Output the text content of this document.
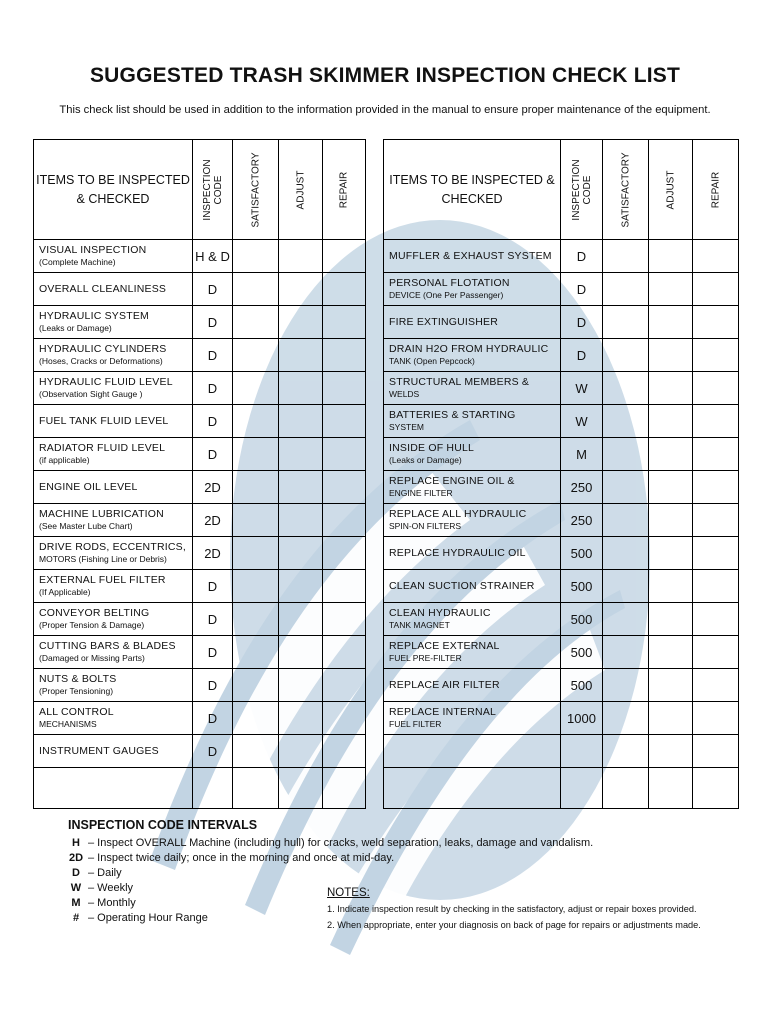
SUGGESTED TRASH SKIMMER INSPECTION CHECK LIST
This check list should be used in addition to the information provided in the manual to ensure proper maintenance of the equipment.
ITEMS TO BE INSPECTED & CHECKED	INSPECTION CODE	SATISFACTORY	ADJUST	REPAIR

VISUAL INSPECTION
(Complete Machine)	H & D			

OVERALL CLEANLINESS	D			

HYDRAULIC SYSTEM
(Leaks or Damage)	D			

HYDRAULIC CYLINDERS
(Hoses, Cracks or Deformations)	D			

HYDRAULIC FLUID LEVEL
(Observation Sight Gauge )	D			

FUEL TANK FLUID LEVEL	D			

RADIATOR FLUID LEVEL
(if applicable)	D			

ENGINE OIL LEVEL	2D			

MACHINE LUBRICATION
(See Master Lube Chart)	2D			

DRIVE RODS, ECCENTRICS,
MOTORS (Fishing Line or Debris)	2D			

EXTERNAL FUEL FILTER
(If Applicable)	D			

CONVEYOR BELTING
(Proper Tension & Damage)	D			

CUTTING BARS & BLADES
(Damaged or Missing Parts)	D			

NUTS & BOLTS
(Proper Tensioning)	D			

ALL CONTROL
MECHANISMS	D			

INSTRUMENT GAUGES	D			

ITEMS TO BE INSPECTED & CHECKED	INSPECTION CODE	SATISFACTORY	ADJUST	REPAIR

MUFFLER & EXHAUST SYSTEM	D			

PERSONAL FLOTATION
DEVICE (One Per Passenger)	D			

FIRE EXTINGUISHER	D			

DRAIN H2O FROM HYDRAULIC
TANK (Open Pepcock)	D			

STRUCTURAL MEMBERS &
WELDS	W			

BATTERIES & STARTING
SYSTEM	W			

INSIDE OF HULL
(Leaks or Damage)	M			

REPLACE ENGINE OIL &
ENGINE FILTER	250			

REPLACE ALL HYDRAULIC
SPIN-ON FILTERS	250			

REPLACE HYDRAULIC OIL	500			

CLEAN SUCTION STRAINER	500			

CLEAN HYDRAULIC
TANK MAGNET	500			

REPLACE EXTERNAL
FUEL PRE-FILTER	500			

REPLACE AIR FILTER	500			

REPLACE INTERNAL
FUEL FILTER	1000			

INSPECTION CODE INTERVALS
H – Inspect OVERALL Machine (including hull) for cracks, weld separation, leaks, damage and vandalism.
2D – Inspect twice daily; once in the morning and once at mid-day.
D – Daily
W – Weekly
M – Monthly
# – Operating Hour Range
NOTES:
1. Indicate inspection result by checking in the satisfactory, adjust or repair boxes provided.
2. When appropriate, enter your diagnosis on back of page for repairs or adjustments made.
